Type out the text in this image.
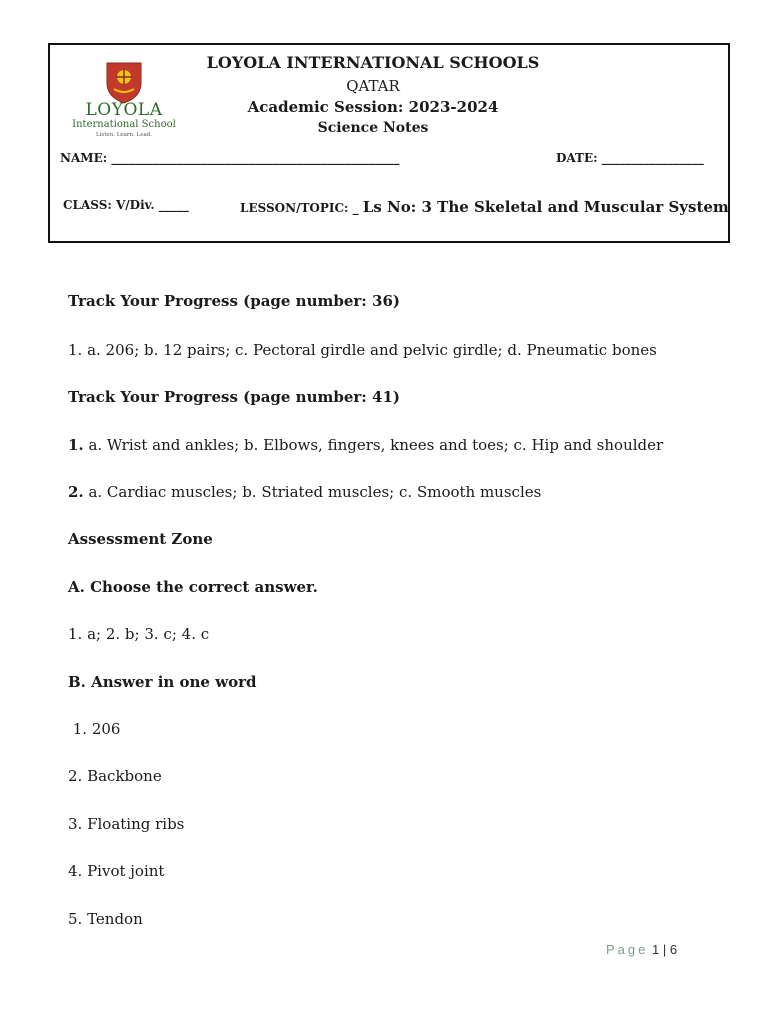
LOYOLA
International School
Listen. Learn. Lead.
LOYOLA INTERNATIONAL SCHOOLS
QATAR
Academic Session: 2023-2024
Science Notes
NAME: ________________________________________________	DATE: _________________
CLASS: V/Div. _____	LESSON/TOPIC: _ Ls No: 3 The Skeletal and Muscular System
Track Your Progress (page number: 36)
1. a. 206; b. 12 pairs; c. Pectoral girdle and pelvic girdle; d. Pneumatic bones
Track Your Progress (page number: 41)
1. a. Wrist and ankles; b. Elbows, fingers, knees and toes; c. Hip and shoulder
2. a. Cardiac muscles; b. Striated muscles; c. Smooth muscles
Assessment Zone
A. Choose the correct answer.
1. a; 2. b; 3. c; 4. c
B. Answer in one word
1. 206
2. Backbone
3. Floating ribs
4. Pivot joint
5. Tendon
Page 1 | 6
